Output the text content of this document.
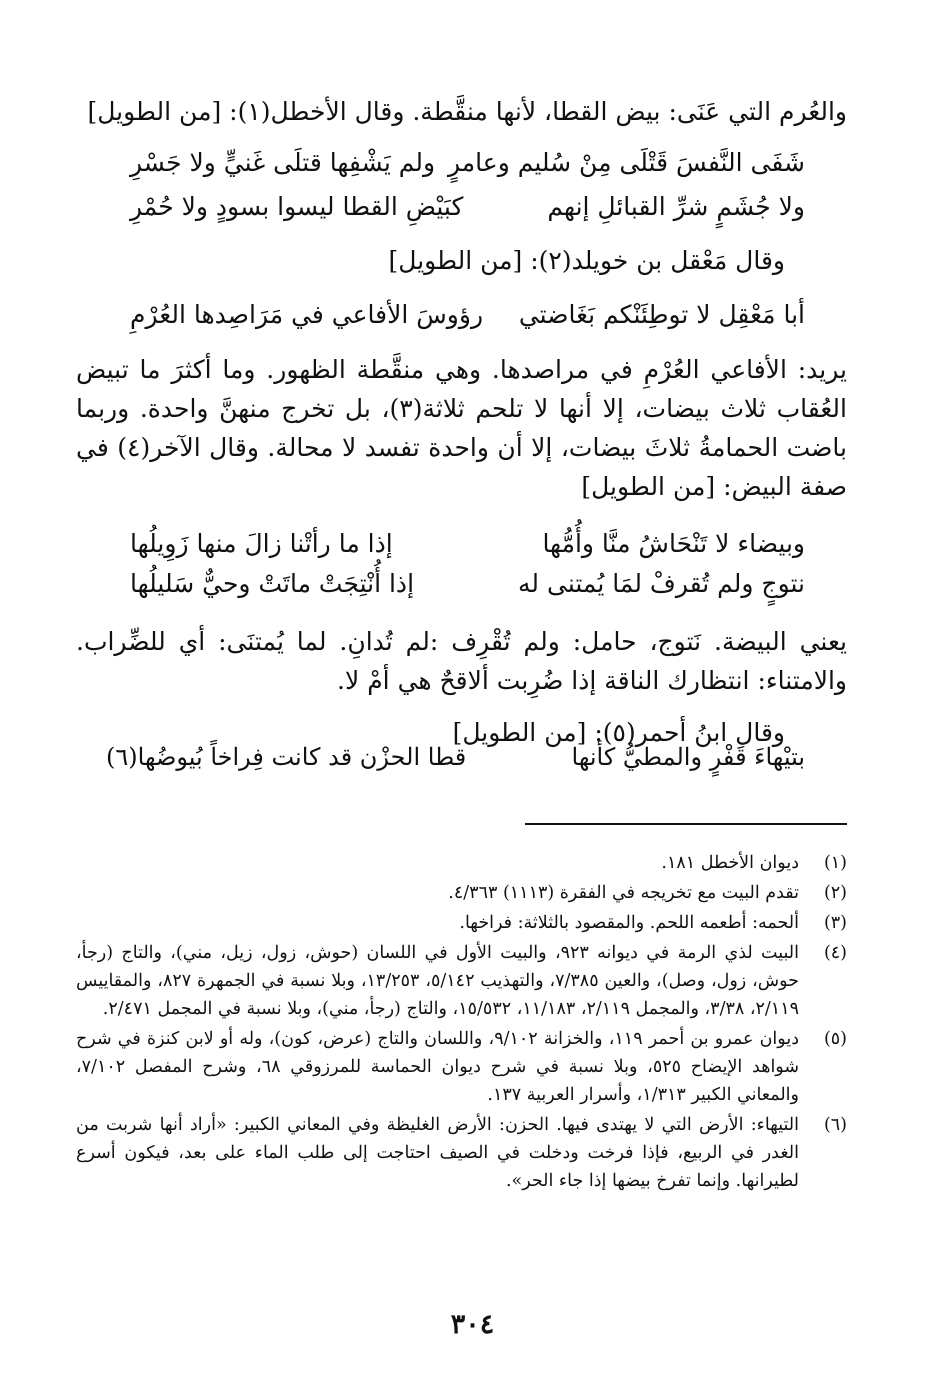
والعُرم التي عَنَى: بيض القطا، لأنها منقَّطة. وقال الأخطل(١): [من الطويل]
شَفَى النَّفسَ قَتْلَى مِنْ سُليم وعامرٍ
ولم يَشْفِها قتلَى غَنيٍّ ولا جَسْرِ
ولا جُشَمٍ شرِّ القبائلِ إنهم
كبَيْضِ القطا ليسوا بسودٍ ولا حُمْرِ
وقال مَعْقل بن خويلد(٢): [من الطويل]
أبا مَعْقِل لا توطِئَنْكم بَغَاضتي
رؤوسَ الأفاعي في مَرَاصِدها العُرْمِ
يريد: الأفاعي العُرْمِ في مراصدها. وهي منقَّطة الظهور. وما أكثرَ ما تبيض العُقاب ثلاث بيضات، إلا أنها لا تلحم ثلاثة(٣)، بل تخرج منهنَّ واحدة. وربما باضت الحمامةُ ثلاثَ بيضات، إلا أن واحدة تفسد لا محالة. وقال الآخر(٤) في صفة البيض: [من الطويل]
وبيضاء لا تَنْحَاشُ منَّا وأُمُّها
إذا ما رأتْنا زالَ منها زَوِيلُها
نتوجٍ ولم تُقرفْ لمَا يُمتنى له
إذا أُنْتِجَتْ ماتَتْ وحيٌّ سَليلُها
يعني البيضة. نَتوج، حامل: ولم تُقْرِف :لم تُدانِ. لما يُمتنَى: أي للضِّراب. والامتناء: انتظارك الناقة إذا ضُرِبت ألاقحٌ هي أمْ لا.
وقال ابنُ أحمر(٥): [من الطويل]
بتيْهاءَ قَفْرٍ والمطيُّ كأنها
قطا الحزْن قد كانت فِراخاً بُيوضُها(٦)
(١)
ديوان الأخطل ١٨١.
(٢)
تقدم البيت مع تخريجه في الفقرة (١١١٣) ٤/٣٦٣.
(٣)
ألحمه: أطعمه اللحم. والمقصود بالثلاثة: فراخها.
(٤)
البيت لذي الرمة في ديوانه ٩٢٣، والبيت الأول في اللسان (حوش، زول، زيل، مني)، والتاج (رجأ، حوش، زول، وصل)، والعين ٧/٣٨٥، والتهذيب ٥/١٤٢، ١٣/٢٥٣، وبلا نسبة في الجمهرة ٨٢٧، والمقاييس ٢/١١٩، ٣/٣٨، والمجمل ٢/١١٩، ١١/١٨٣، ١٥/٥٣٢، والتاج (رجأ، مني)، وبلا نسبة في المجمل ٢/٤٧١.
(٥)
ديوان عمرو بن أحمر ١١٩، والخزانة ٩/١٠٢، واللسان والتاج (عرض، كون)، وله أو لابن كنزة في شرح شواهد الإيضاح ٥٢٥، وبلا نسبة في شرح ديوان الحماسة للمرزوقي ٦٨، وشرح المفصل ٧/١٠٢، والمعاني الكبير ١/٣١٣، وأسرار العربية ١٣٧.
(٦)
التيهاء: الأرض التي لا يهتدى فيها. الحزن: الأرض الغليظة وفي المعاني الكبير: «أراد أنها شربت من الغدر في الربيع، فإذا فرخت ودخلت في الصيف احتاجت إلى طلب الماء على بعد، فيكون أسرع لطيرانها. وإنما تفرخ بيضها إذا جاء الحر».
٣٠٤
